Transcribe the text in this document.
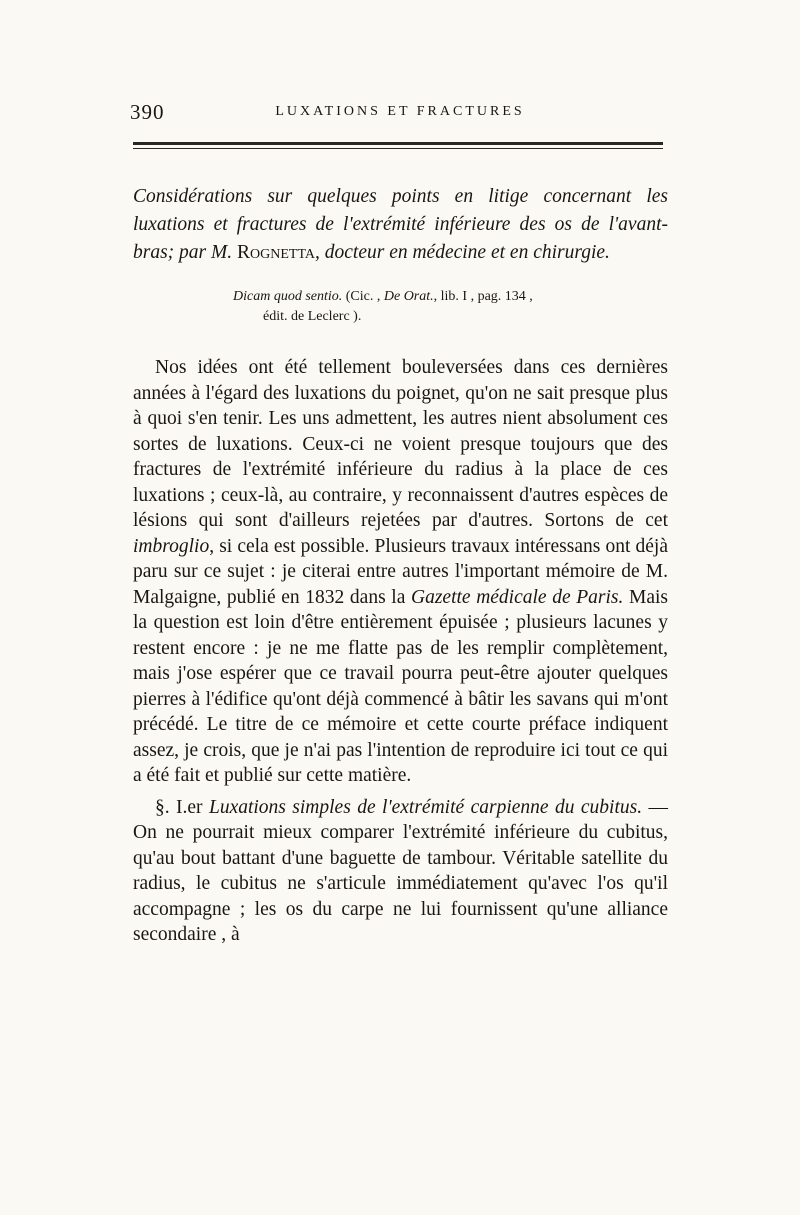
390	LUXATIONS ET FRACTURES

Considérations sur quelques points en litige concernant les luxations et fractures de l'extrémité inférieure des os de l'avant-bras; par M. Rognetta, docteur en médecine et en chirurgie.

Dicam quod sentio. (Cic. , De Orat., lib. I , pag. 134 ,
édit. de Leclerc ).

Nos idées ont été tellement bouleversées dans ces dernières années à l'égard des luxations du poignet, qu'on ne sait presque plus à quoi s'en tenir. Les uns admettent, les autres nient absolument ces sortes de luxations. Ceux-ci ne voient presque toujours que des fractures de l'extrémité inférieure du radius à la place de ces luxations ; ceux-là, au contraire, y reconnaissent d'autres espèces de lésions qui sont d'ailleurs rejetées par d'autres. Sortons de cet imbroglio, si cela est possible. Plusieurs travaux intéressans ont déjà paru sur ce sujet : je citerai entre autres l'important mémoire de M. Malgaigne, publié en 1832 dans la Gazette médicale de Paris. Mais la question est loin d'être entièrement épuisée ; plusieurs lacunes y restent encore : je ne me flatte pas de les remplir complètement, mais j'ose espérer que ce travail pourra peut-être ajouter quelques pierres à l'édifice qu'ont déjà commencé à bâtir les savans qui m'ont précédé. Le titre de ce mémoire et cette courte préface indiquent assez, je crois, que je n'ai pas l'intention de reproduire ici tout ce qui a été fait et publié sur cette matière.

§. I.er Luxations simples de l'extrémité carpienne du cubitus. — On ne pourrait mieux comparer l'extrémité inférieure du cubitus, qu'au bout battant d'une baguette de tambour. Véritable satellite du radius, le cubitus ne s'articule immédiatement qu'avec l'os qu'il accompagne ; les os du carpe ne lui fournissent qu'une alliance secondaire , à
